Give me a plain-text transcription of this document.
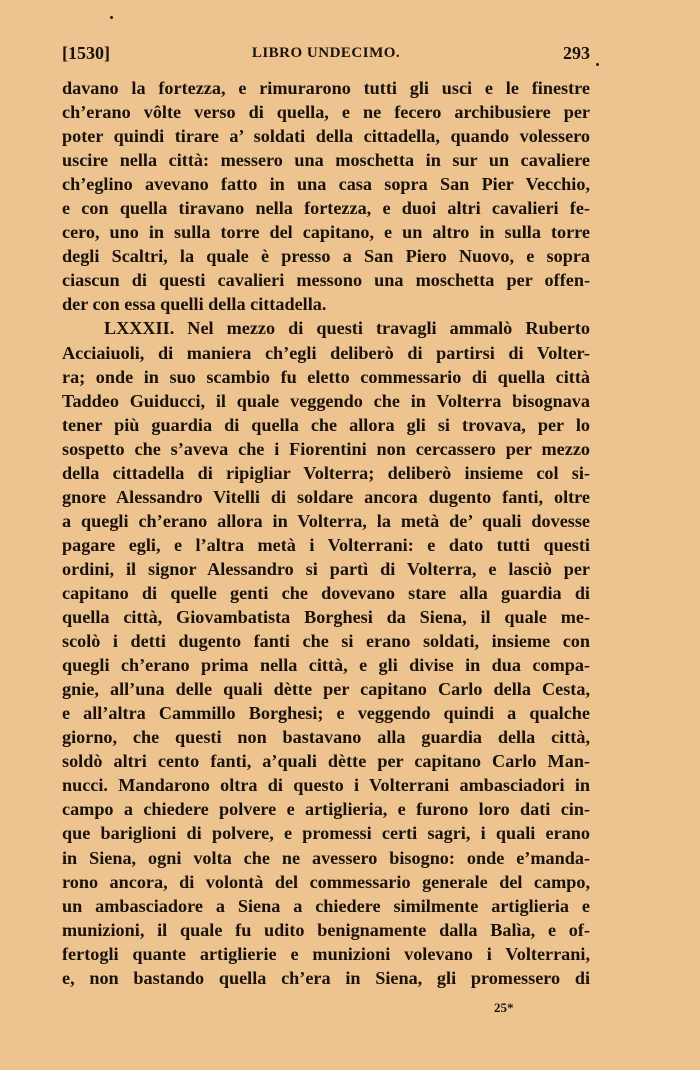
[1530]	LIBRO UNDECIMO.	293
davano la fortezza, e rimurarono tutti gli usci e le finestre
ch’erano vôlte verso di quella, e ne fecero archibusiere per
poter quindi tirare a’ soldati della cittadella, quando volessero
uscire nella città: messero una moschetta in sur un cavaliere
ch’eglino avevano fatto in una casa sopra San Pier Vecchio,
e con quella tiravano nella fortezza, e duoi altri cavalieri fe-
cero, uno in sulla torre del capitano, e un altro in sulla torre
degli Scaltri, la quale è presso a San Piero Nuovo, e sopra
ciascun di questi cavalieri messono una moschetta per offen-
der con essa quelli della cittadella.
LXXXII. Nel mezzo di questi travagli ammalò Ruberto
Acciaiuoli, di maniera ch’egli deliberò di partirsi di Volter-
ra; onde in suo scambio fu eletto commessario di quella città
Taddeo Guiducci, il quale veggendo che in Volterra bisognava
tener più guardia di quella che allora gli si trovava, per lo
sospetto che s’aveva che i Fiorentini non cercassero per mezzo
della cittadella di ripigliar Volterra; deliberò insieme col si-
gnore Alessandro Vitelli di soldare ancora dugento fanti, oltre
a quegli ch’erano allora in Volterra, la metà de’ quali dovesse
pagare egli, e l’altra metà i Volterrani: e dato tutti questi
ordini, il signor Alessandro si partì di Volterra, e lasciò per
capitano di quelle genti che dovevano stare alla guardia di
quella città, Giovambatista Borghesi da Siena, il quale me-
scolò i detti dugento fanti che si erano soldati, insieme con
quegli ch’erano prima nella città, e gli divise in dua compa-
gnie, all’una delle quali dètte per capitano Carlo della Cesta,
e all’altra Cammillo Borghesi; e veggendo quindi a qualche
giorno, che questi non bastavano alla guardia della città,
soldò altri cento fanti, a’quali dètte per capitano Carlo Man-
nucci. Mandarono oltra di questo i Volterrani ambasciadori in
campo a chiedere polvere e artiglieria, e furono loro dati cin-
que bariglioni di polvere, e promessi certi sagri, i quali erano
in Siena, ogni volta che ne avessero bisogno: onde e’manda-
rono ancora, di volontà del commessario generale del campo,
un ambasciadore a Siena a chiedere similmente artiglieria e
munizioni, il quale fu udito benignamente dalla Balìa, e of-
fertogli quante artiglierie e munizioni volevano i Volterrani,
e, non bastando quella ch’era in Siena, gli promessero di
25*
